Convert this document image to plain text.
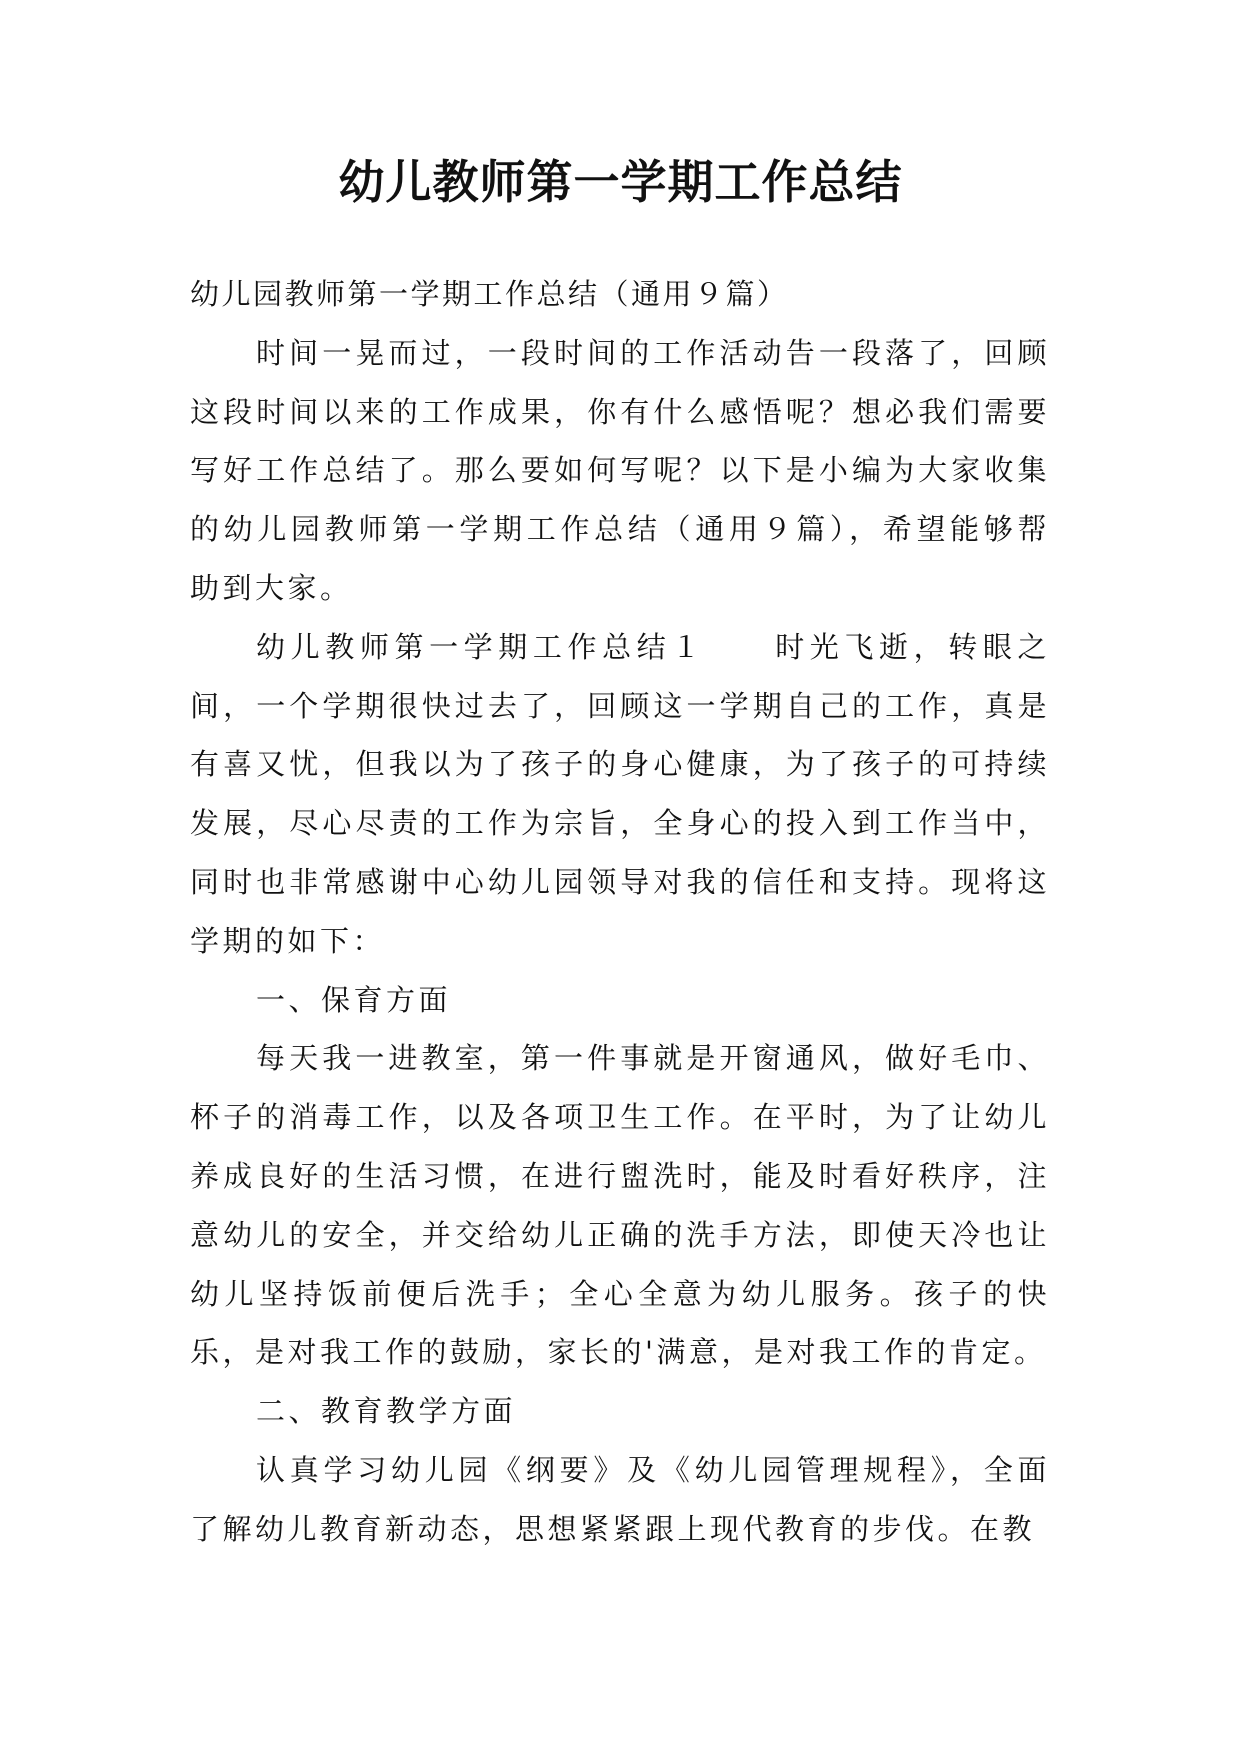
幼儿教师第一学期工作总结

幼儿园教师第一学期工作总结（通用９篇）

时间一晃而过，一段时间的工作活动告一段落了，回顾这段时间以来的工作成果，你有什么感悟呢？想必我们需要写好工作总结了。那么要如何写呢？以下是小编为大家收集的幼儿园教师第一学期工作总结（通用９篇），希望能够帮助到大家。

幼儿教师第一学期工作总结１　　时光飞逝，转眼之间，一个学期很快过去了，回顾这一学期自己的工作，真是有喜又忧，但我以为了孩子的身心健康，为了孩子的可持续发展，尽心尽责的工作为宗旨，全身心的投入到工作当中，同时也非常感谢中心幼儿园领导对我的信任和支持。现将这学期的如下：

一、保育方面

每天我一进教室，第一件事就是开窗通风，做好毛巾、杯子的消毒工作，以及各项卫生工作。在平时，为了让幼儿养成良好的生活习惯，在进行盥洗时，能及时看好秩序，注意幼儿的安全，并交给幼儿正确的洗手方法，即使天冷也让幼儿坚持饭前便后洗手；全心全意为幼儿服务。孩子的快乐，是对我工作的鼓励，家长的'满意，是对我工作的肯定。

二、教育教学方面

认真学习幼儿园《纲要》及《幼儿园管理规程》，全面了解幼儿教育新动态，思想紧紧跟上现代教育的步伐。在教
